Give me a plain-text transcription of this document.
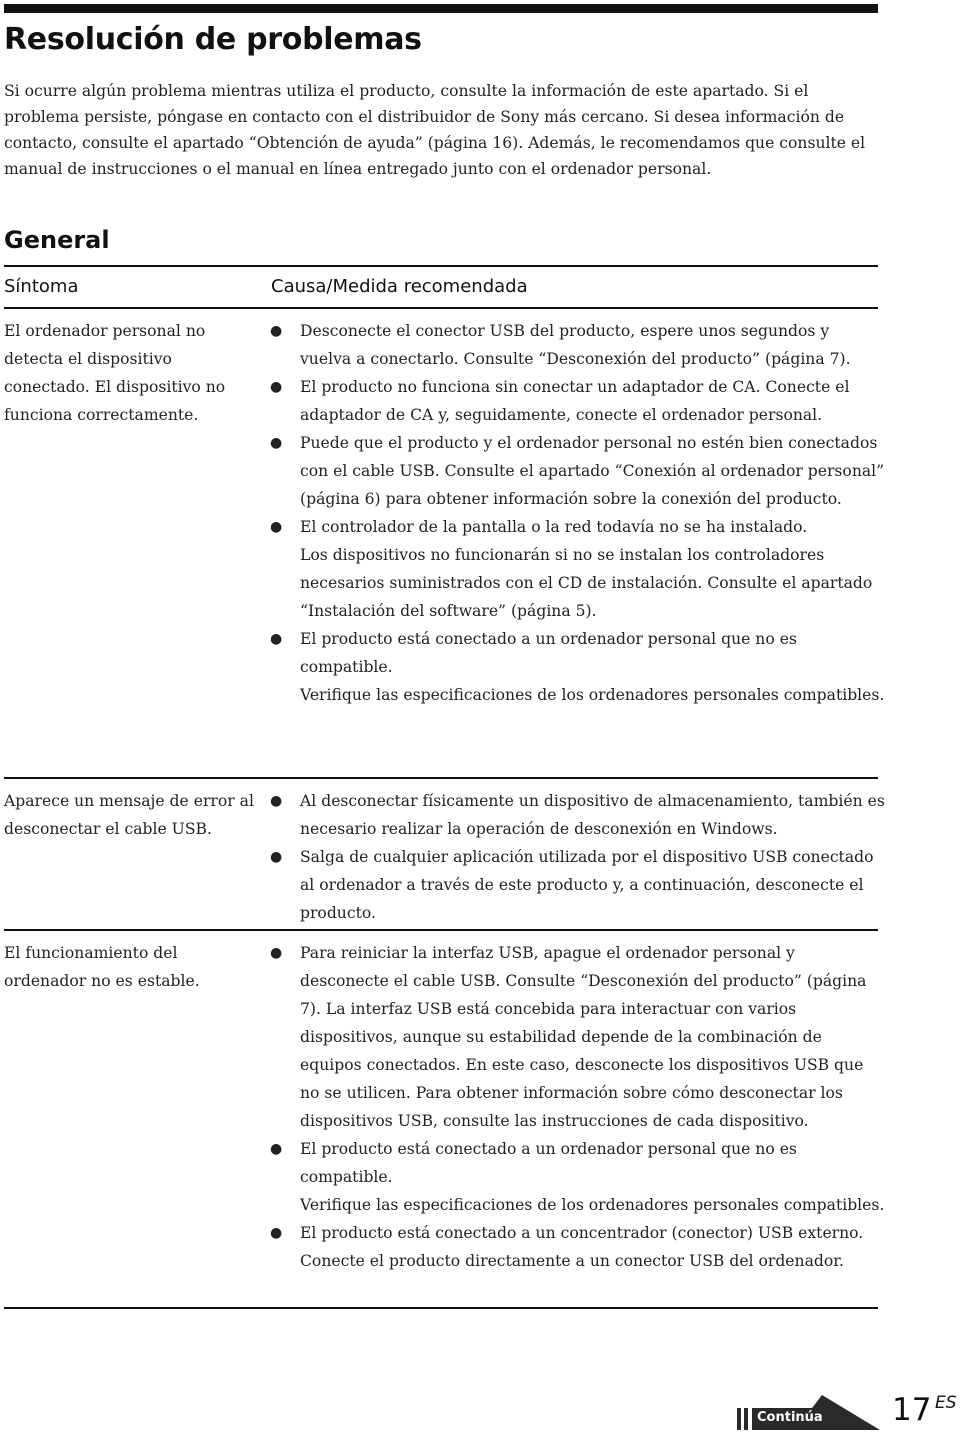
Resolución de problemas

Si ocurre algún problema mientras utiliza el producto, consulte la información de este apartado. Si el problema persiste, póngase en contacto con el distribuidor de Sony más cercano. Si desea información de contacto, consulte el apartado “Obtención de ayuda” (página 16). Además, le recomendamos que consulte el manual de instrucciones o el manual en línea entregado junto con el ordenador personal.

General
Síntoma	Causa/Medida recomendada

El ordenador personal no detecta el dispositivo conectado. El dispositivo no funciona correctamente.

● Desconecte el conector USB del producto, espere unos segundos y vuelva a conectarlo. Consulte “Desconexión del producto” (página 7).
● El producto no funciona sin conectar un adaptador de CA. Conecte el adaptador de CA y, seguidamente, conecte el ordenador personal.
● Puede que el producto y el ordenador personal no estén bien conectados con el cable USB. Consulte el apartado “Conexión al ordenador personal” (página 6) para obtener información sobre la conexión del producto.
● El controlador de la pantalla o la red todavía no se ha instalado.
Los dispositivos no funcionarán si no se instalan los controladores necesarios suministrados con el CD de instalación. Consulte el apartado “Instalación del software” (página 5).
● El producto está conectado a un ordenador personal que no es compatible.
Verifique las especificaciones de los ordenadores personales compatibles.

Aparece un mensaje de error al desconectar el cable USB.

● Al desconectar físicamente un dispositivo de almacenamiento, también es necesario realizar la operación de desconexión en Windows.
● Salga de cualquier aplicación utilizada por el dispositivo USB conectado al ordenador a través de este producto y, a continuación, desconecte el producto.

El funcionamiento del ordenador no es estable.

● Para reiniciar la interfaz USB, apague el ordenador personal y desconecte el cable USB. Consulte “Desconexión del producto” (página 7). La interfaz USB está concebida para interactuar con varios dispositivos, aunque su estabilidad depende de la combinación de equipos conectados. En este caso, desconecte los dispositivos USB que no se utilicen. Para obtener información sobre cómo desconectar los dispositivos USB, consulte las instrucciones de cada dispositivo.
● El producto está conectado a un ordenador personal que no es compatible.
Verifique las especificaciones de los ordenadores personales compatibles.
● El producto está conectado a un concentrador (conector) USB externo. Conecte el producto directamente a un conector USB del ordenador.
Continúa 17 ES
